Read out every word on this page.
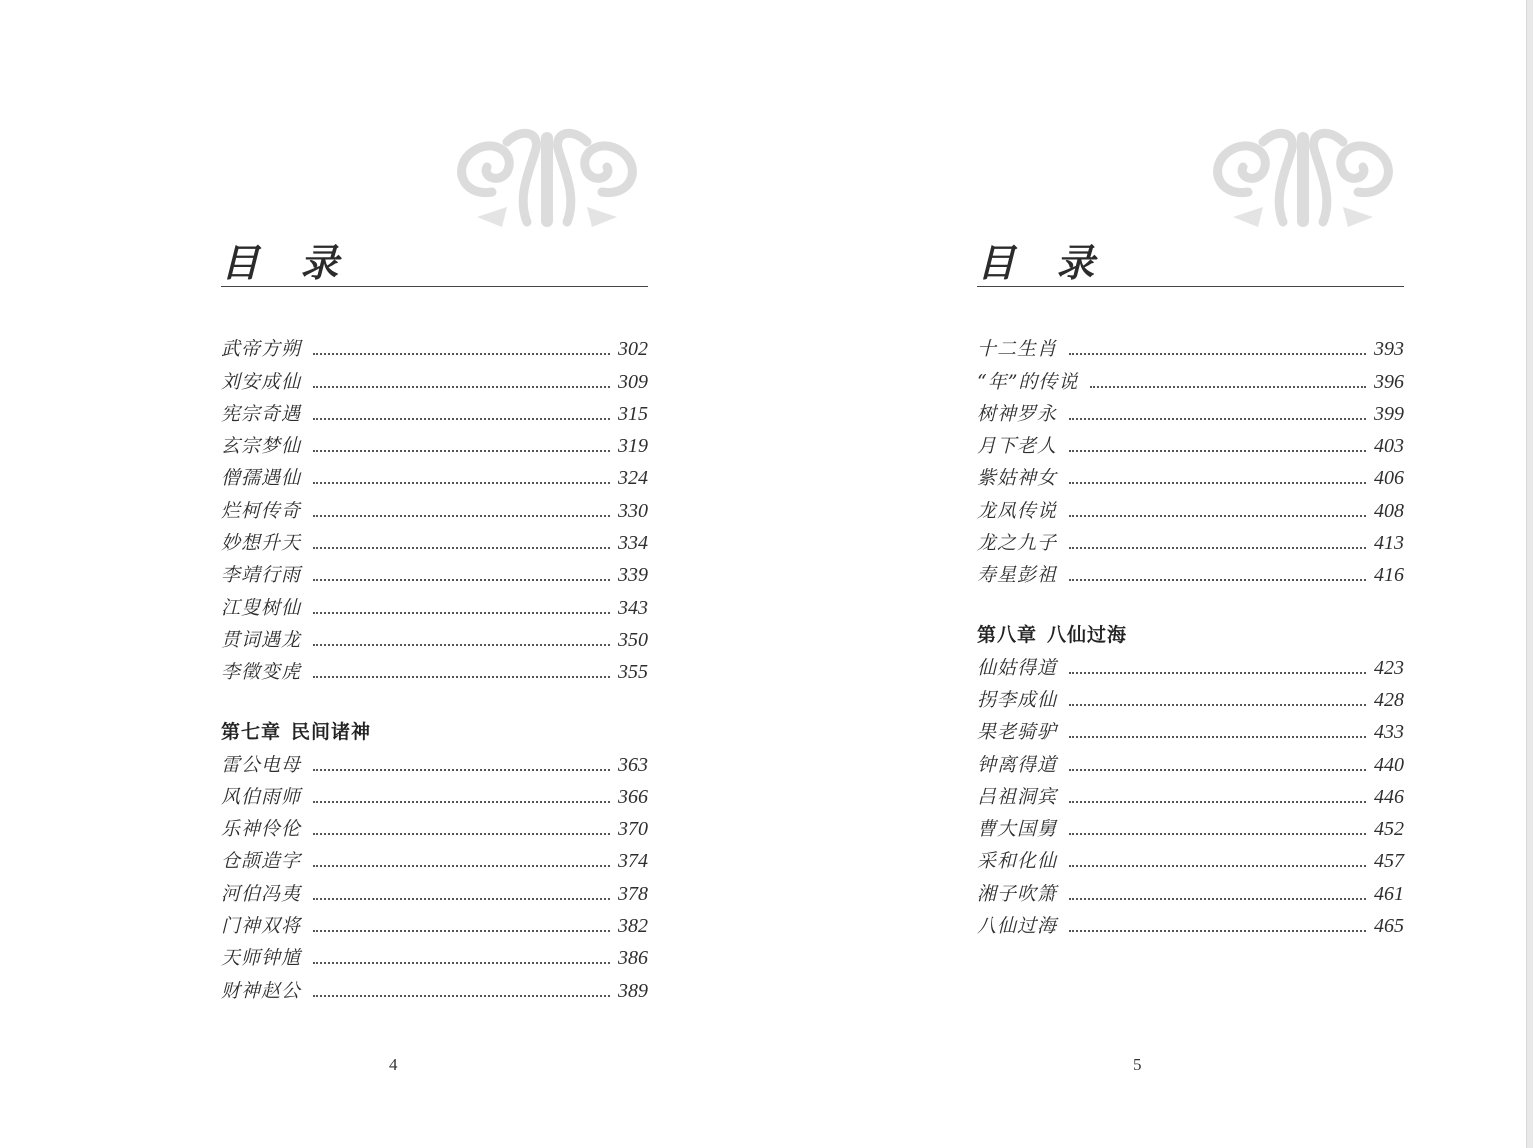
目 录
武帝方朔	302
刘安成仙	309
宪宗奇遇	315
玄宗梦仙	319
僧孺遇仙	324
烂柯传奇	330
妙想升天	334
李靖行雨	339
江叟树仙	343
贯词遇龙	350
李徵变虎	355
第七章 民间诸神
雷公电母	363
风伯雨师	366
乐神伶伦	370
仓颉造字	374
河伯冯夷	378
门神双将	382
天师钟馗	386
财神赵公	389
4
目 录
十二生肖	393
“年”的传说	396
树神罗永	399
月下老人	403
紫姑神女	406
龙凤传说	408
龙之九子	413
寿星彭祖	416
第八章 八仙过海
仙姑得道	423
拐李成仙	428
果老骑驴	433
钟离得道	440
吕祖洞宾	446
曹大国舅	452
采和化仙	457
湘子吹箫	461
八仙过海	465
5
